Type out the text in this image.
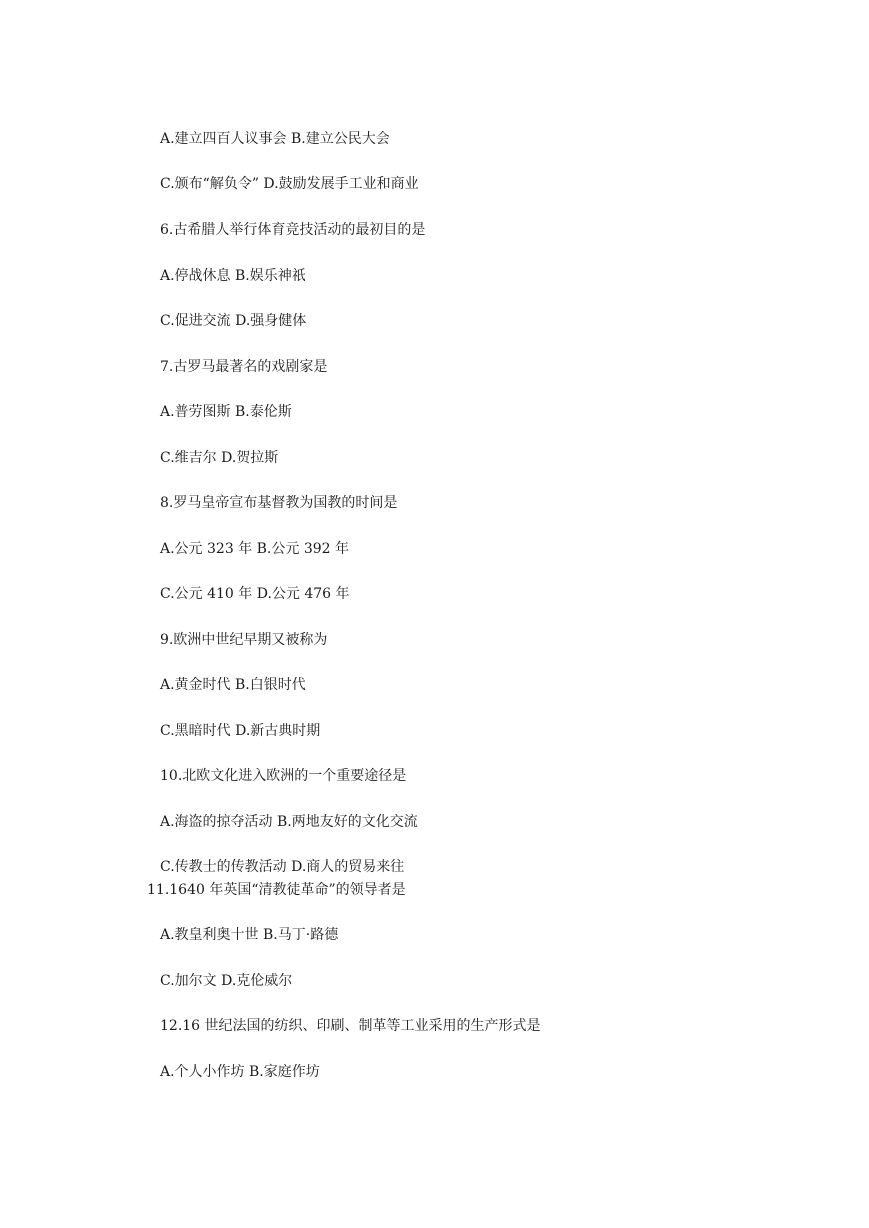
A.建立四百人议事会 B.建立公民大会
C.颁布“解负令” D.鼓励发展手工业和商业
6.古希腊人举行体育竞技活动的最初目的是
A.停战休息 B.娱乐神祇
C.促进交流 D.强身健体
7.古罗马最著名的戏剧家是
A.普劳图斯 B.泰伦斯
C.维吉尔 D.贺拉斯
8.罗马皇帝宣布基督教为国教的时间是
A.公元 323 年 B.公元 392 年
C.公元 410 年 D.公元 476 年
9.欧洲中世纪早期又被称为
A.黄金时代 B.白银时代
C.黑暗时代 D.新古典时期
10.北欧文化进入欧洲的一个重要途径是
A.海盗的掠夺活动 B.两地友好的文化交流
C.传教士的传教活动 D.商人的贸易来往
11.1640 年英国“清教徒革命”的领导者是
A.教皇利奥十世 B.马丁·路德
C.加尔文 D.克伦威尔
12.16 世纪法国的纺织、印刷、制革等工业采用的生产形式是
A.个人小作坊 B.家庭作坊
